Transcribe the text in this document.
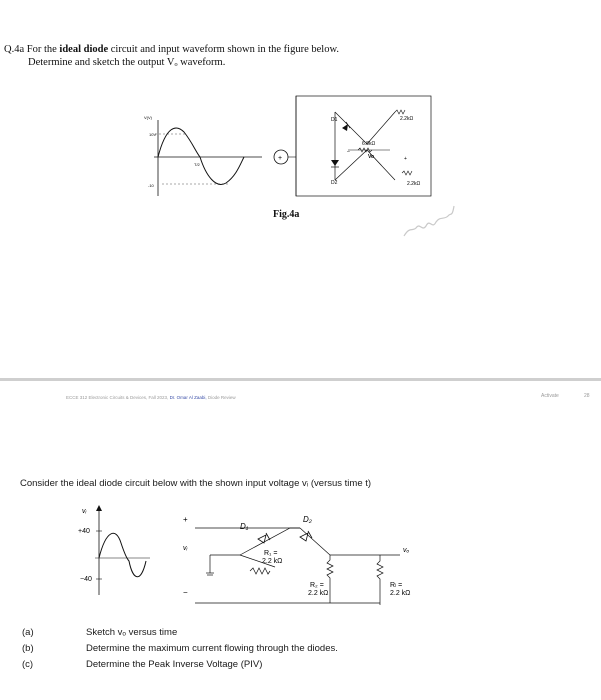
Q.4a For the ideal diode circuit and input waveform shown in the figure below.
Determine and sketch the output Vₒ waveform.
V(V)
10V
-10
T/2
+
D1
D2
6.8kΩ
Vo
–
+
2.2kΩ
2.2kΩ
Fig.4a
ECCE 312 Electronic Circuits & Devices, Fall 2023, Dr. Omar Al Zaabi, Diode Review	Activate	28
Consider the ideal diode circuit below with the shown input voltage vᵢ (versus time t)
vᵢ
+40
−40
+
vᵢ
−
D₁
D₂
R₁ =
2.2 kΩ
R₂ =
2.2 kΩ
Rₗ =
2.2 kΩ
vₒ
(a)	Sketch vₒ versus time
(b)	Determine the maximum current flowing through the diodes.
(c)	Determine the Peak Inverse Voltage (PIV)
